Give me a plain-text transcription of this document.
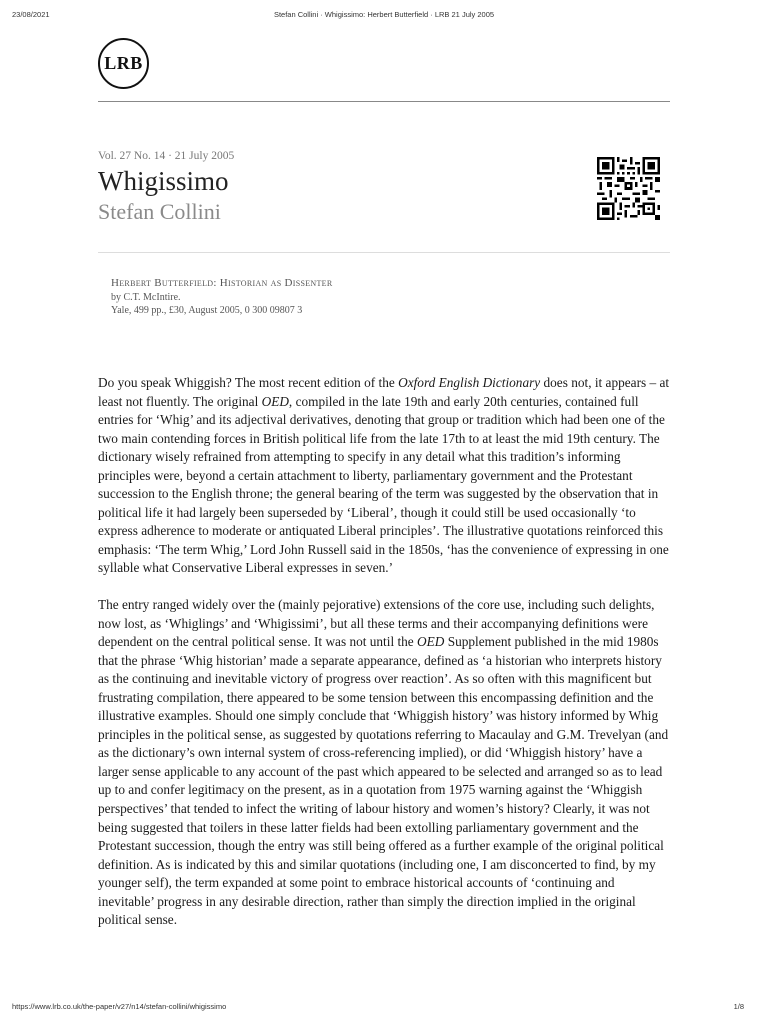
23/08/2021	Stefan Collini · Whigissimo: Herbert Butterfield · LRB 21 July 2005
LRB
Vol. 27 No. 14 · 21 July 2005
Whigissimo
Stefan Collini
Herbert Butterfield: Historian as Dissenter
by C.T. McIntire.
Yale, 499 pp., £30, August 2005, 0 300 09807 3

Do you speak Whiggish? The most recent edition of the Oxford English Dictionary does not, it appears – at least not fluently. The original OED, compiled in the late 19th and early 20th centuries, contained full entries for ‘Whig’ and its adjectival derivatives, denoting that group or tradition which had been one of the two main contending forces in British political life from the late 17th to at least the mid 19th century. The dictionary wisely refrained from attempting to specify in any detail what this tradition’s informing principles were, beyond a certain attachment to liberty, parliamentary government and the Protestant succession to the English throne; the general bearing of the term was suggested by the observation that in political life it had largely been superseded by ‘Liberal’, though it could still be used occasionally ‘to express adherence to moderate or antiquated Liberal principles’. The illustrative quotations reinforced this emphasis: ‘The term Whig,’ Lord John Russell said in the 1850s, ‘has the convenience of expressing in one syllable what Conservative Liberal expresses in seven.’

The entry ranged widely over the (mainly pejorative) extensions of the core use, including such delights, now lost, as ‘Whiglings’ and ‘Whigissimi’, but all these terms and their accompanying definitions were dependent on the central political sense. It was not until the OED Supplement published in the mid 1980s that the phrase ‘Whig historian’ made a separate appearance, defined as ‘a historian who interprets history as the continuing and inevitable victory of progress over reaction’. As so often with this magnificent but frustrating compilation, there appeared to be some tension between this encompassing definition and the illustrative examples. Should one simply conclude that ‘Whiggish history’ was history informed by Whig principles in the political sense, as suggested by quotations referring to Macaulay and G.M. Trevelyan (and as the dictionary’s own internal system of cross-referencing implied), or did ‘Whiggish history’ have a larger sense applicable to any account of the past which appeared to be selected and arranged so as to lead up to and confer legitimacy on the present, as in a quotation from 1975 warning against the ‘Whiggish perspectives’ that tended to infect the writing of labour history and women’s history? Clearly, it was not being suggested that toilers in these latter fields had been extolling parliamentary government and the Protestant succession, though the entry was still being offered as a further example of the original political definition. As is indicated by this and similar quotations (including one, I am disconcerted to find, by my younger self), the term expanded at some point to embrace historical accounts of ‘continuing and inevitable’ progress in any desirable direction, rather than simply the direction implied in the original political sense.

https://www.lrb.co.uk/the-paper/v27/n14/stefan-collini/whigissimo	1/8
